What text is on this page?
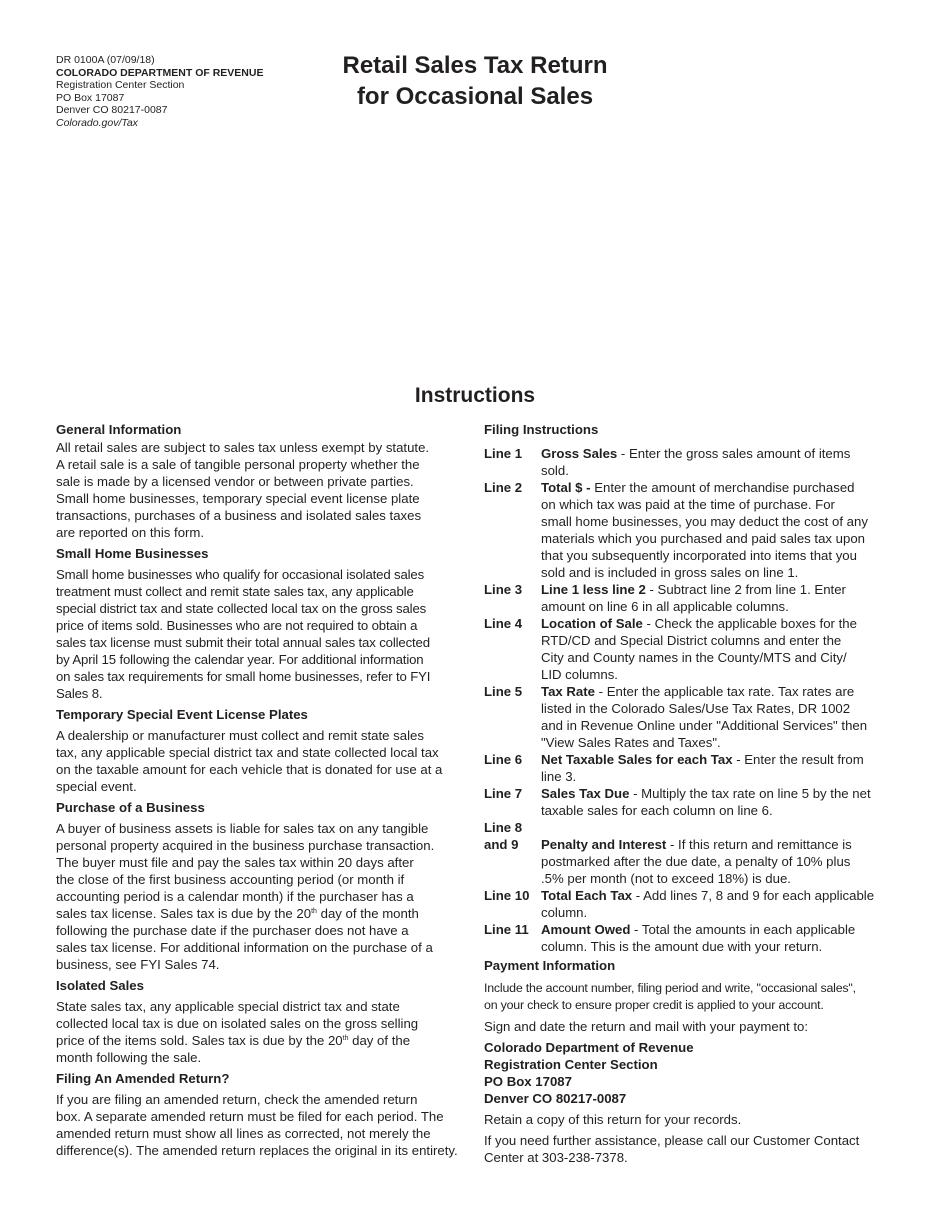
DR 0100A (07/09/18)
COLORADO DEPARTMENT OF REVENUE
Registration Center Section
PO Box 17087
Denver CO 80217-0087
Colorado.gov/Tax
Retail Sales Tax Return
for Occasional Sales
Instructions
General Information
All retail sales are subject to sales tax unless exempt by statute.
A retail sale is a sale of tangible personal property whether the
sale is made by a licensed vendor or between private parties.
Small home businesses, temporary special event license plate
transactions, purchases of a business and isolated sales taxes
are reported on this form.
Small Home Businesses
Small home businesses who qualify for occasional isolated sales
treatment must collect and remit state sales tax, any applicable
special district tax and state collected local tax on the gross sales
price of items sold. Businesses who are not required to obtain a
sales tax license must submit their total annual sales tax collected
by April 15 following the calendar year. For additional information
on sales tax requirements for small home businesses, refer to FYI
Sales 8.
Temporary Special Event License Plates
A dealership or manufacturer must collect and remit state sales
tax, any applicable special district tax and state collected local tax
on the taxable amount for each vehicle that is donated for use at a
special event.
Purchase of a Business
A buyer of business assets is liable for sales tax on any tangible
personal property acquired in the business purchase transaction.
The buyer must file and pay the sales tax within 20 days after
the close of the first business accounting period (or month if
accounting period is a calendar month) if the purchaser has a
sales tax license. Sales tax is due by the 20th day of the month
following the purchase date if the purchaser does not have a
sales tax license. For additional information on the purchase of a
business, see FYI Sales 74.
Isolated Sales
State sales tax, any applicable special district tax and state
collected local tax is due on isolated sales on the gross selling
price of the items sold. Sales tax is due by the 20th day of the
month following the sale.
Filing An Amended Return?
If you are filing an amended return, check the amended return
box. A separate amended return must be filed for each period. The
amended return must show all lines as corrected, not merely the
difference(s). The amended return replaces the original in its entirety.
Filing Instructions
Line 1	Gross Sales - Enter the gross sales amount of items
sold.
Line 2	Total $ - Enter the amount of merchandise purchased
on which tax was paid at the time of purchase. For
small home businesses, you may deduct the cost of any
materials which you purchased and paid sales tax upon
that you subsequently incorporated into items that you
sold and is included in gross sales on line 1.
Line 3	Line 1 less line 2 - Subtract line 2 from line 1. Enter
amount on line 6 in all applicable columns.
Line 4	Location of Sale - Check the applicable boxes for the
RTD/CD and Special District columns and enter the
City and County names in the County/MTS and City/
LID columns.
Line 5	Tax Rate - Enter the applicable tax rate. Tax rates are
listed in the Colorado Sales/Use Tax Rates, DR 1002
and in Revenue Online under "Additional Services" then
"View Sales Rates and Taxes".
Line 6	Net Taxable Sales for each Tax - Enter the result from
line 3.
Line 7	Sales Tax Due - Multiply the tax rate on line 5 by the net
taxable sales for each column on line 6.
Line 8
and 9	Penalty and Interest - If this return and remittance is
postmarked after the due date, a penalty of 10% plus
.5% per month (not to exceed 18%) is due.
Line 10 Total Each Tax - Add lines 7, 8 and 9 for each applicable
column.
Line 11 Amount Owed - Total the amounts in each applicable
column. This is the amount due with your return.
Payment Information
Include the account number, filing period and write, "occasional sales",
on your check to ensure proper credit is applied to your account.
Sign and date the return and mail with your payment to:
Colorado Department of Revenue
Registration Center Section
PO Box 17087
Denver CO 80217-0087
Retain a copy of this return for your records.
If you need further assistance, please call our Customer Contact
Center at 303-238-7378.
